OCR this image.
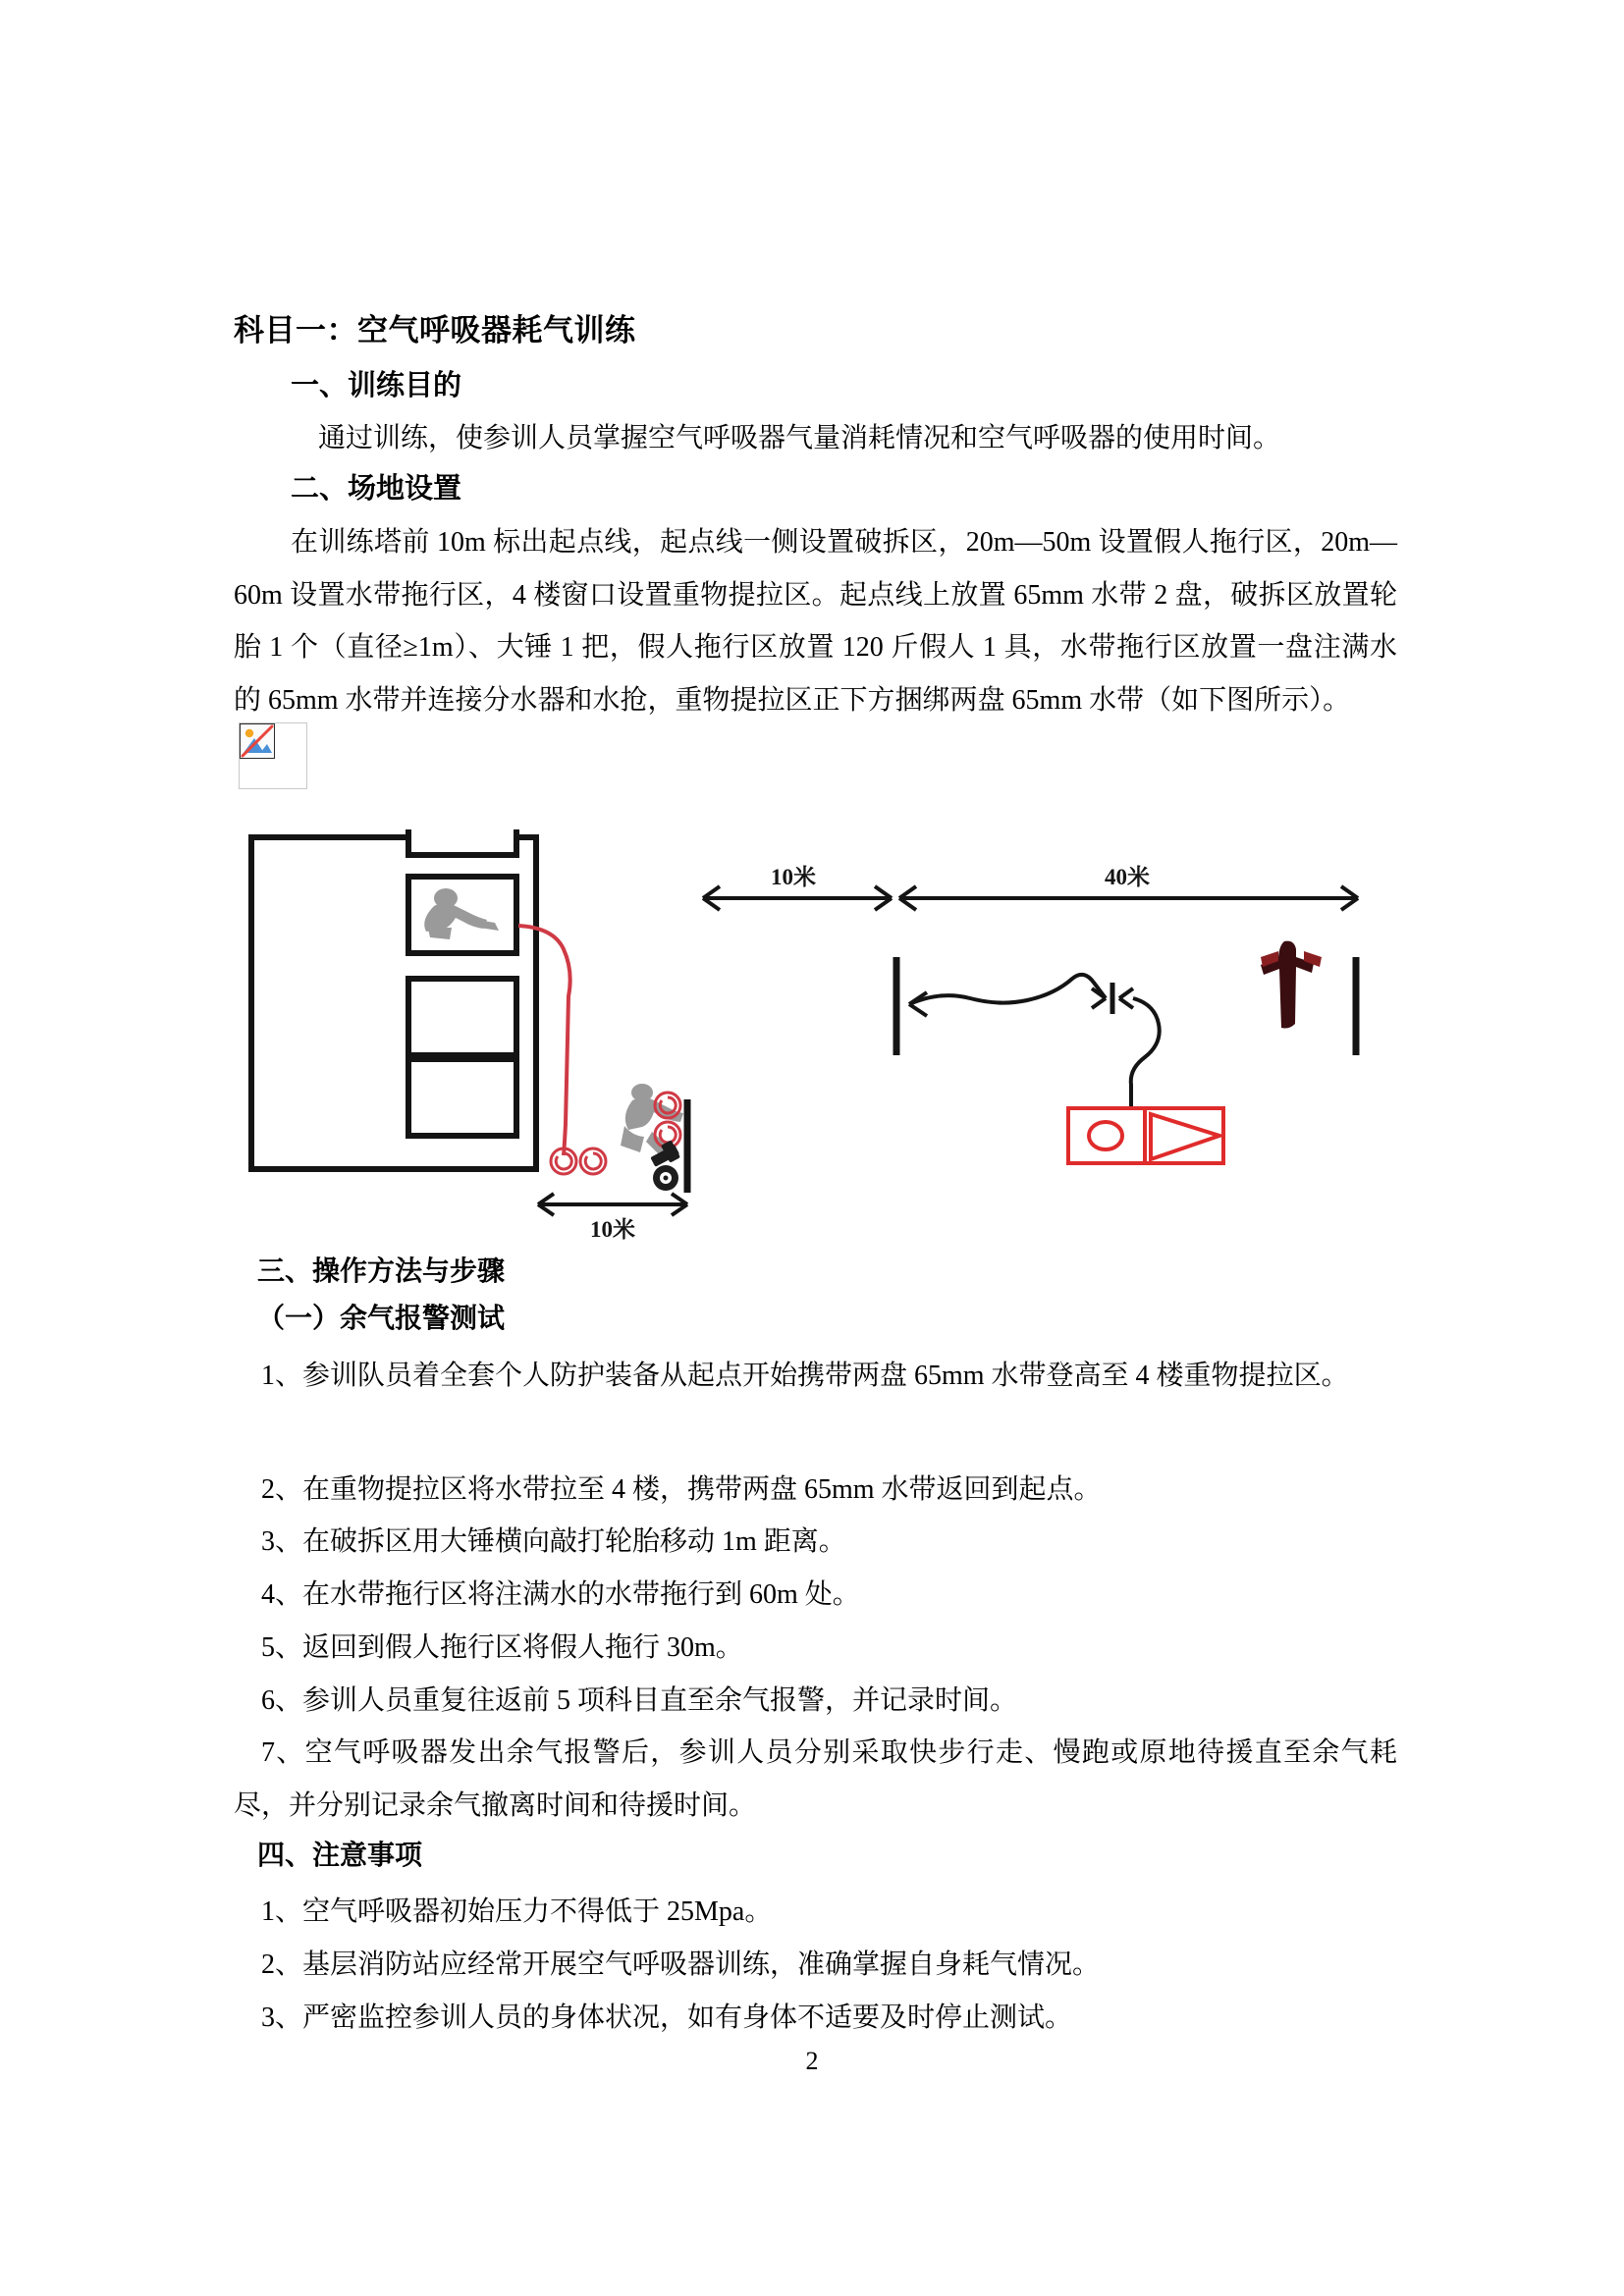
科目一：空气呼吸器耗气训练
一、训练目的

通过训练，使参训人员掌握空气呼吸器气量消耗情况和空气呼吸器的使用时间。

二、场地设置

在训练塔前 10m 标出起点线，起点线一侧设置破拆区，20m—50m 设置假人拖行区，20m—60m 设置水带拖行区，4 楼窗口设置重物提拉区。起点线上放置 65mm 水带 2 盘，破拆区放置轮胎 1 个（直径≥1m）、大锤 1 把，假人拖行区放置 120 斤假人 1 具，水带拖行区放置一盘注满水的 65mm 水带并连接分水器和水抢，重物提拉区正下方捆绑两盘 65mm 水带（如下图所示）。

10米
10米	40米
三、操作方法与步骤
（一）余气报警测试

1、参训队员着全套个人防护装备从起点开始携带两盘 65mm 水带登高至 4 楼重物提拉区。

2、在重物提拉区将水带拉至 4 楼，携带两盘 65mm 水带返回到起点。

3、在破拆区用大锤横向敲打轮胎移动 1m 距离。

4、在水带拖行区将注满水的水带拖行到 60m 处。

5、返回到假人拖行区将假人拖行 30m。

6、参训人员重复往返前 5 项科目直至余气报警，并记录时间。

7、空气呼吸器发出余气报警后，参训人员分别采取快步行走、慢跑或原地待援直至余气耗尽，并分别记录余气撤离时间和待援时间。

四、注意事项

1、空气呼吸器初始压力不得低于 25Mpa。

2、基层消防站应经常开展空气呼吸器训练，准确掌握自身耗气情况。

3、严密监控参训人员的身体状况，如有身体不适要及时停止测试。

2
